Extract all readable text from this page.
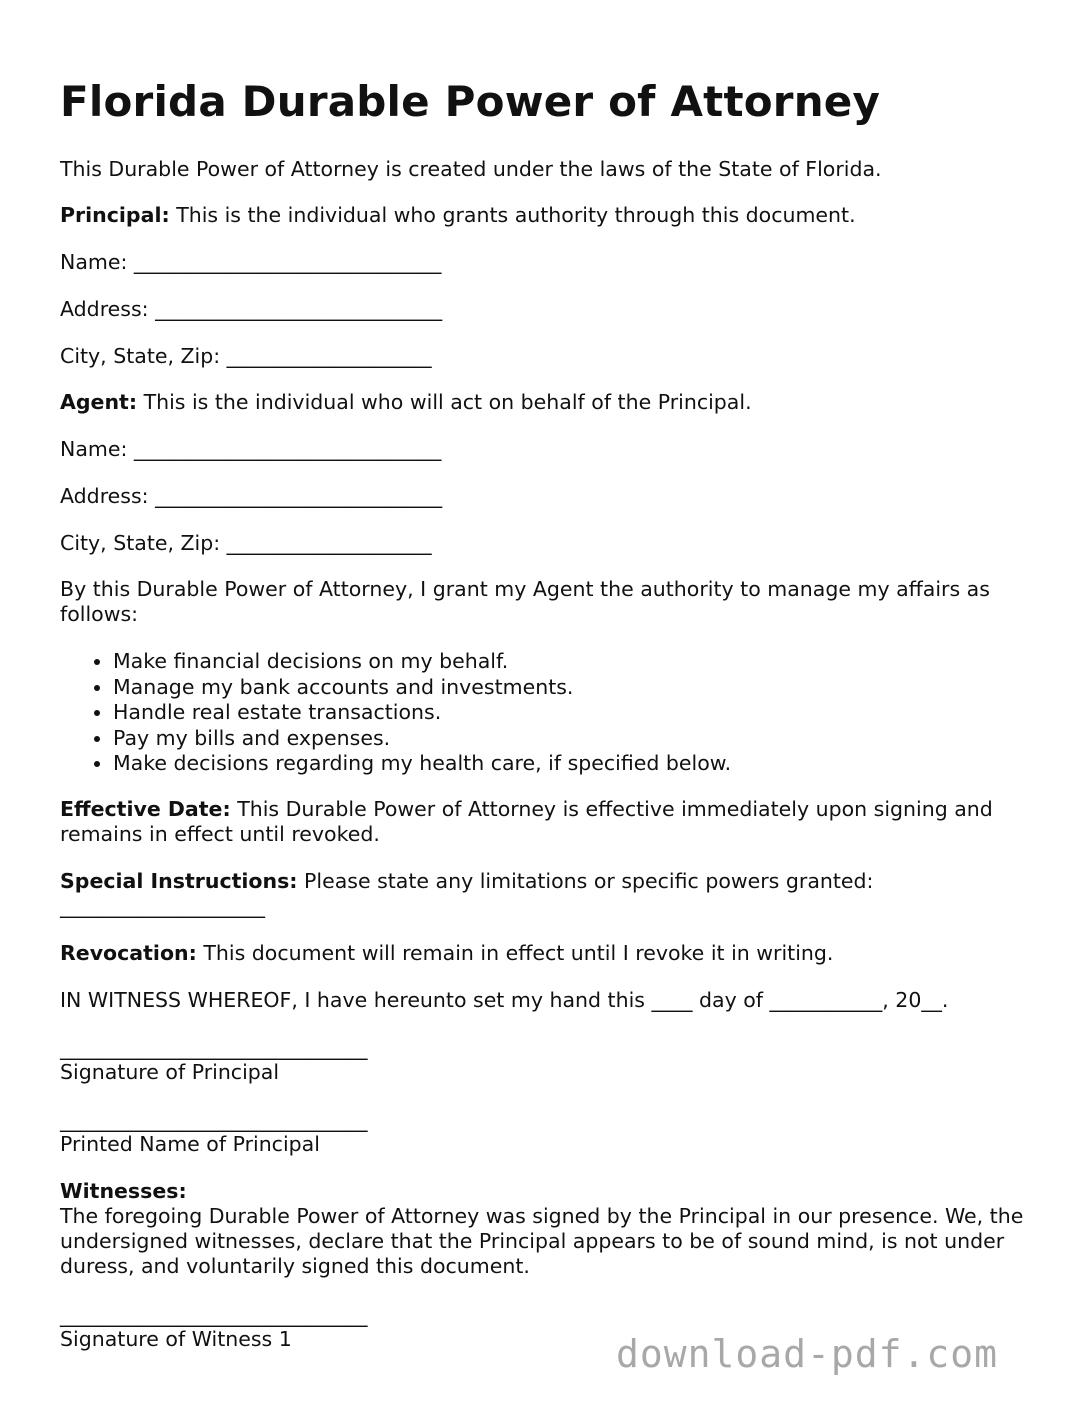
Florida Durable Power of Attorney

This Durable Power of Attorney is created under the laws of the State of Florida.

Principal: This is the individual who grants authority through this document.

Name: ______________________________

Address: ____________________________

City, State, Zip: ____________________

Agent: This is the individual who will act on behalf of the Principal.

Name: ______________________________

Address: ____________________________

City, State, Zip: ____________________

By this Durable Power of Attorney, I grant my Agent the authority to manage my affairs as follows:

• Make financial decisions on my behalf.
• Manage my bank accounts and investments.
• Handle real estate transactions.
• Pay my bills and expenses.
• Make decisions regarding my health care, if specified below.

Effective Date: This Durable Power of Attorney is effective immediately upon signing and remains in effect until revoked.

Special Instructions: Please state any limitations or specific powers granted:

____________________

Revocation: This document will remain in effect until I revoke it in writing.

IN WITNESS WHEREOF, I have hereunto set my hand this ____ day of ___________, 20__.

______________________________

Signature of Principal

______________________________

Printed Name of Principal

Witnesses:

The foregoing Durable Power of Attorney was signed by the Principal in our presence. We, the undersigned witnesses, declare that the Principal appears to be of sound mind, is not under duress, and voluntarily signed this document.

______________________________

Signature of Witness 1	download-pdf.com
